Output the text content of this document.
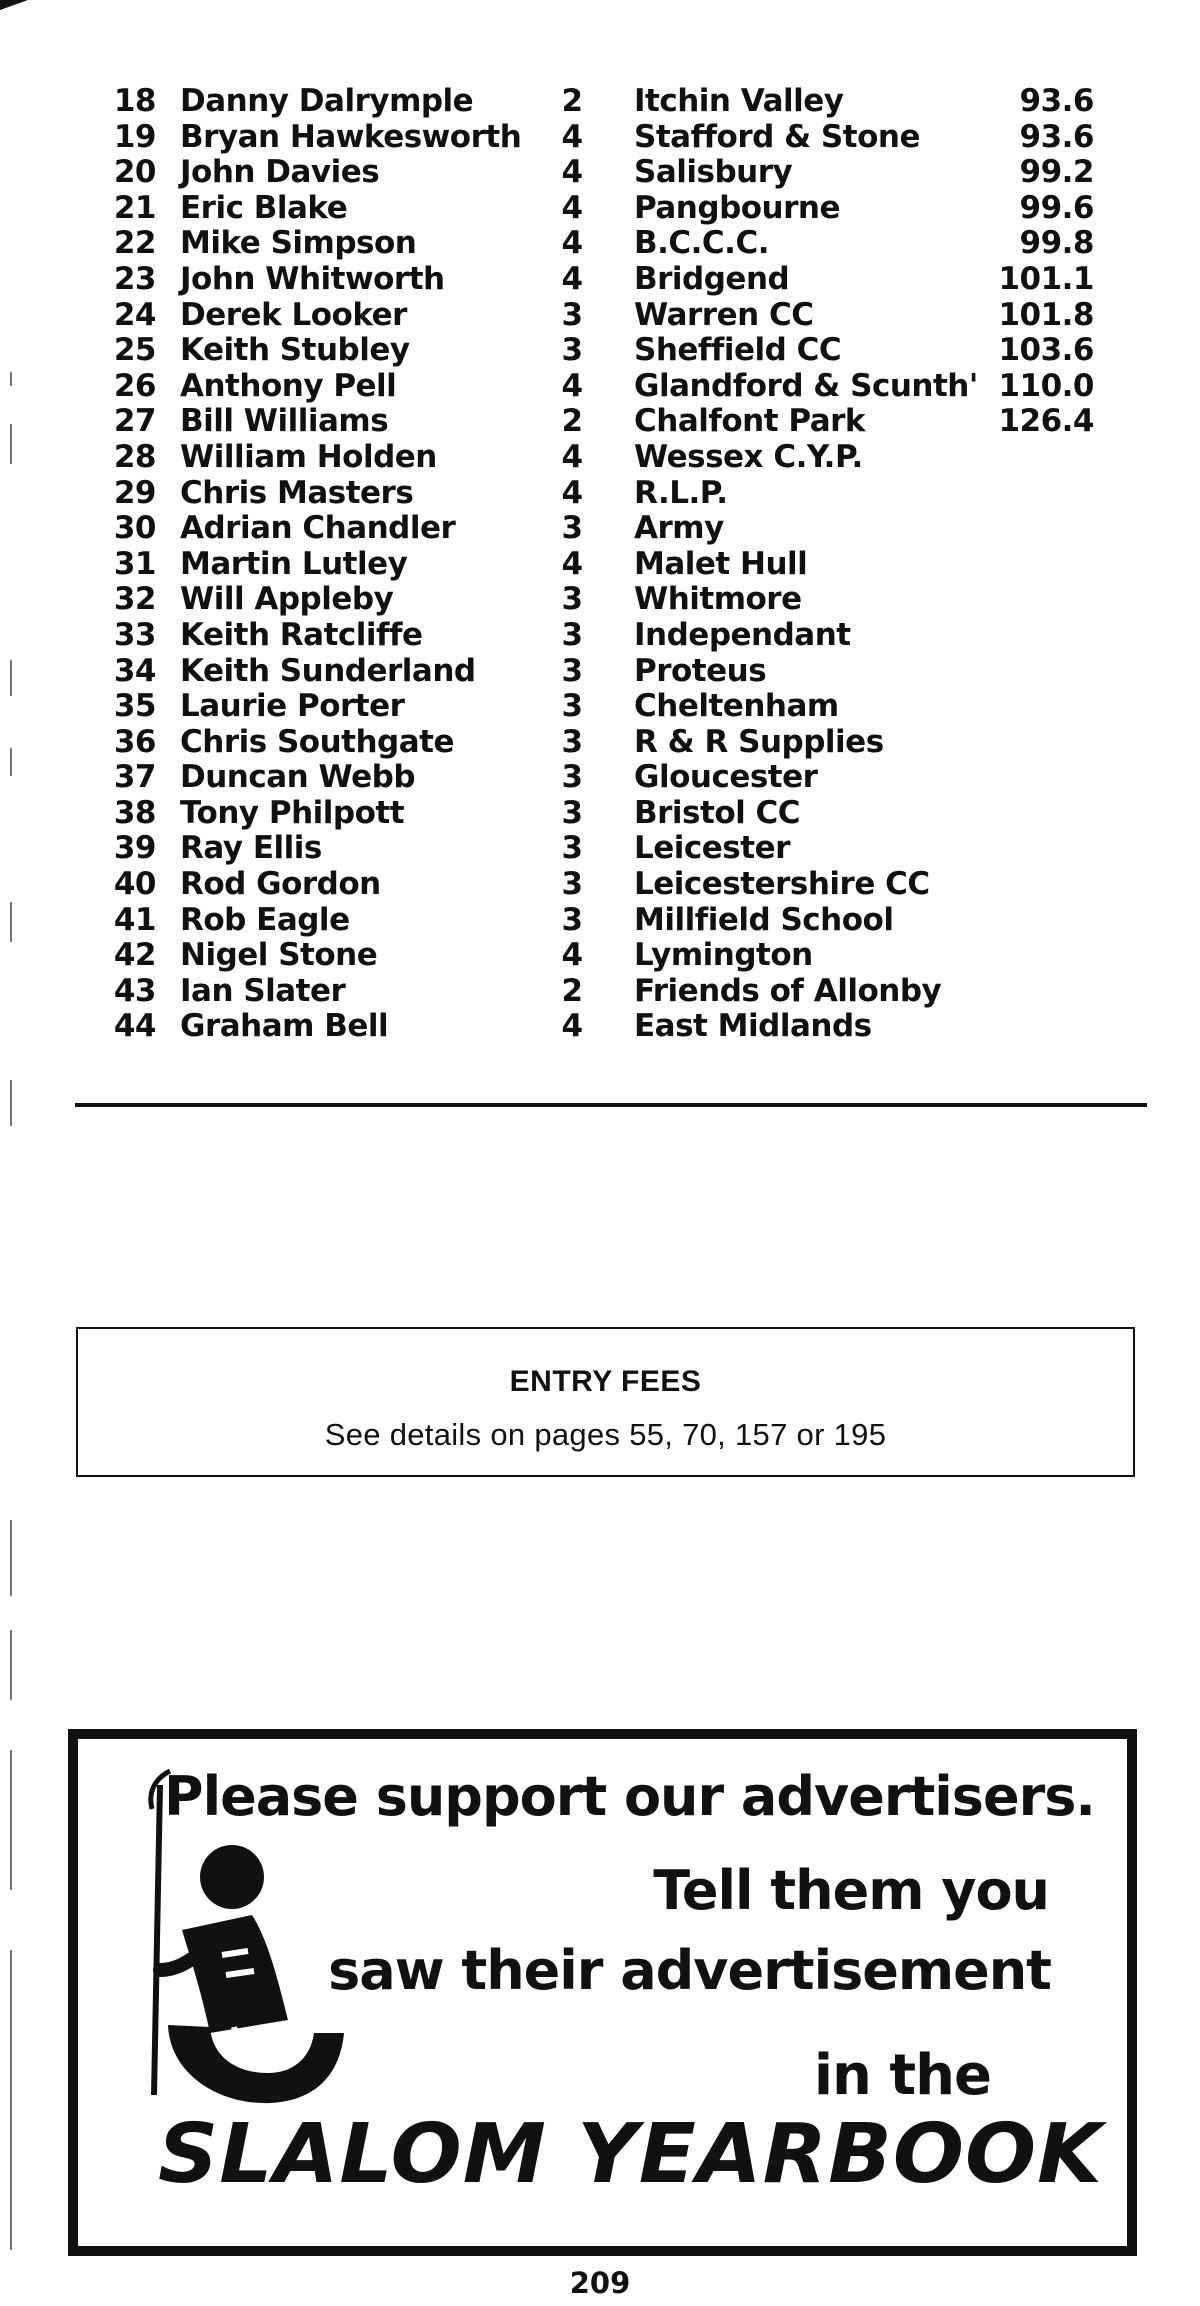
18 Danny Dalrymple	2	Itchin Valley	93.6
19 Bryan Hawkesworth	4	Stafford & Stone	93.6
20 John Davies	4	Salisbury	99.2
21 Eric Blake	4	Pangbourne	99.6
22 Mike Simpson	4	B.C.C.C.	99.8
23 John Whitworth	4	Bridgend	101.1
24 Derek Looker	3	Warren CC	101.8
25 Keith Stubley	3	Sheffield CC	103.6
26 Anthony Pell	4	Glandford & Scunth' 110.0
27 Bill Williams	2	Chalfont Park	126.4
28 William Holden	4	Wessex C.Y.P.
29 Chris Masters	4	R.L.P.
30 Adrian Chandler	3	Army
31 Martin Lutley	4	Malet Hull
32 Will Appleby	3	Whitmore
33 Keith Ratcliffe	3	Independant
34 Keith Sunderland	3	Proteus
35 Laurie Porter	3	Cheltenham
36 Chris Southgate	3	R & R Supplies
37 Duncan Webb	3	Gloucester
38 Tony Philpott	3	Bristol CC
39 Ray Ellis	3	Leicester
40 Rod Gordon	3	Leicestershire CC
41 Rob Eagle	3	Millfield School
42 Nigel Stone	4	Lymington
43 Ian Slater	2	Friends of Allonby
44 Graham Bell	4	East Midlands
ENTRY FEES
See details on pages 55, 70, 157 or 195
Please support our advertisers.
Tell them you
saw their advertisement
in the
SLALOM YEARBOOK
209
